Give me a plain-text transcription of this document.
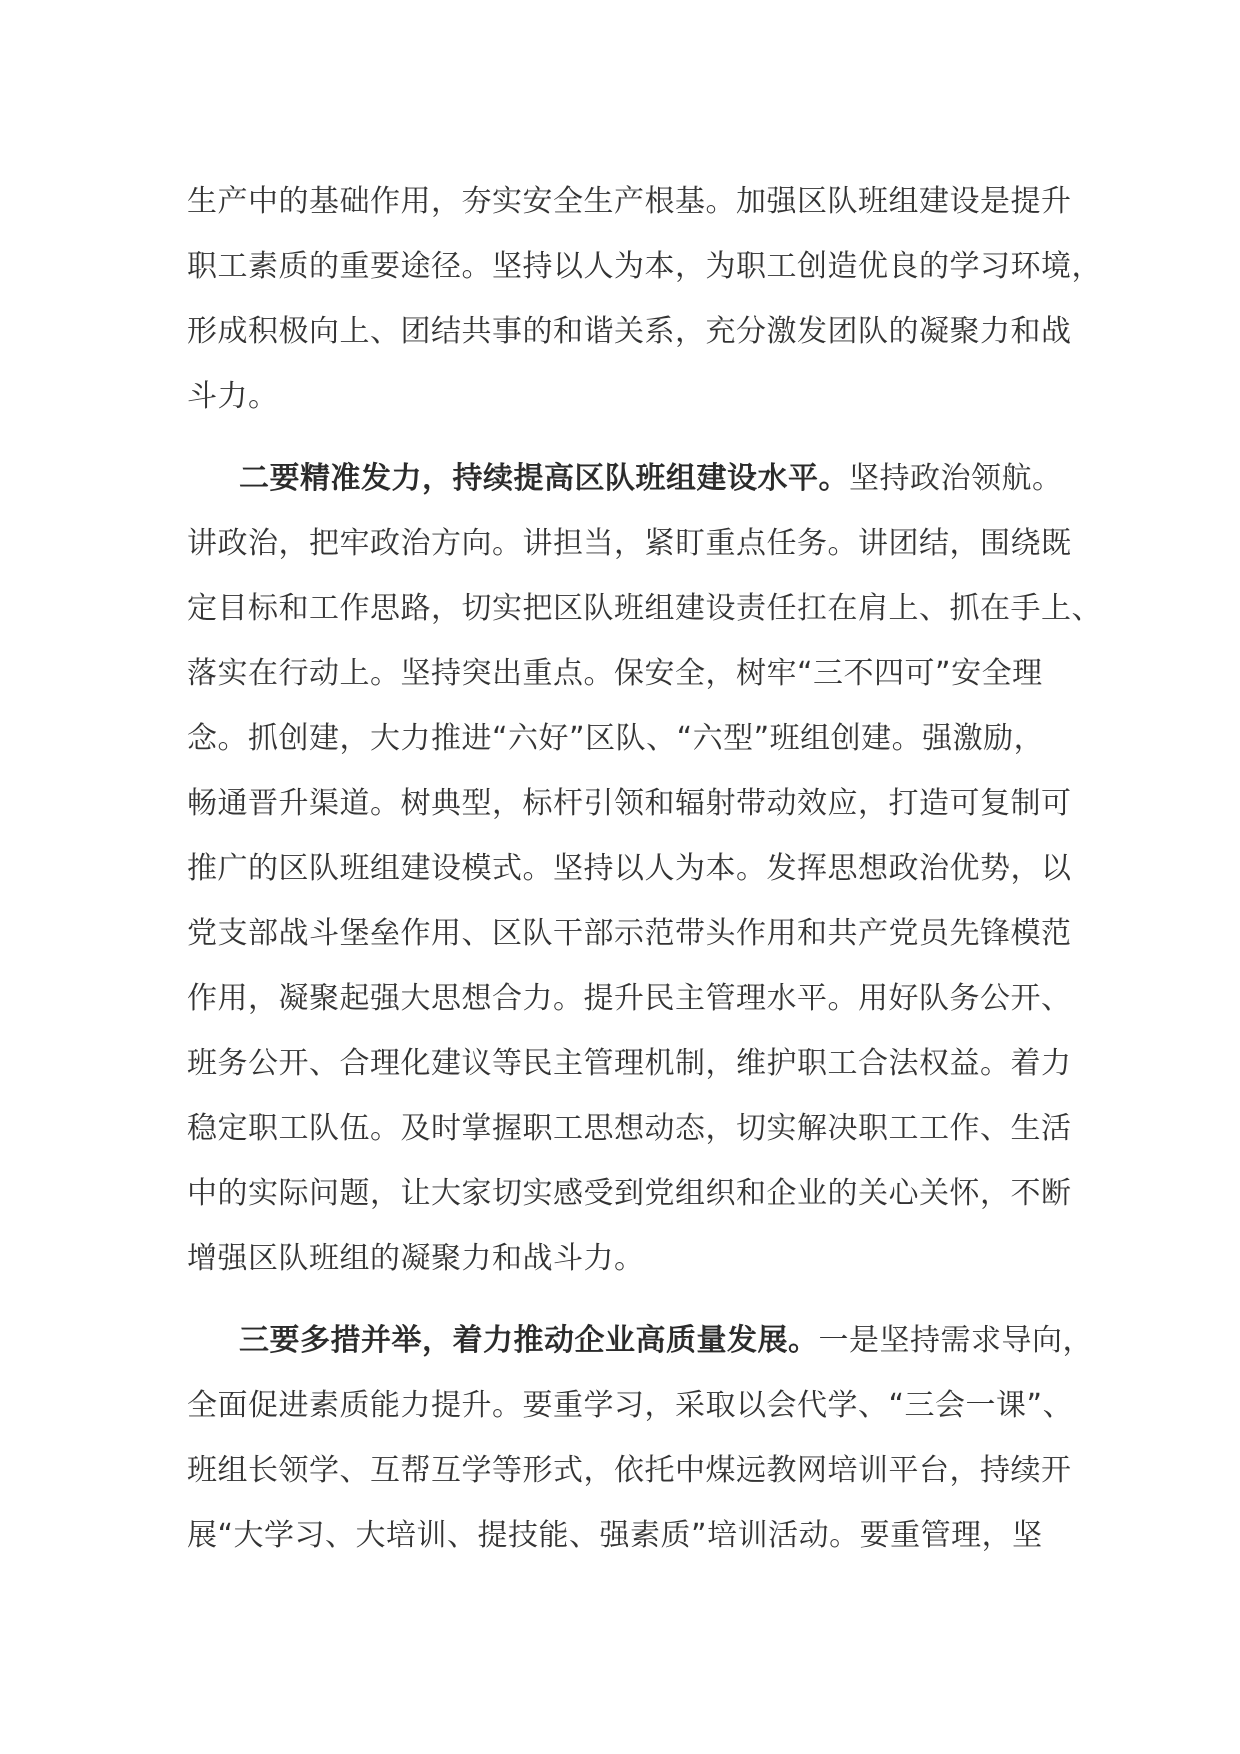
生产中的基础作用，夯实安全生产根基。加强区队班组建设是提升
职工素质的重要途径。坚持以人为本，为职工创造优良的学习环境，
形成积极向上、团结共事的和谐关系，充分激发团队的凝聚力和战
斗力。
二要精准发力，持续提高区队班组建设水平。坚持政治领航。
讲政治，把牢政治方向。讲担当，紧盯重点任务。讲团结，围绕既
定目标和工作思路，切实把区队班组建设责任扛在肩上、抓在手上、
落实在行动上。坚持突出重点。保安全，树牢“三不四可”安全理
念。抓创建，大力推进“六好”区队、“六型”班组创建。强激励，
畅通晋升渠道。树典型，标杆引领和辐射带动效应，打造可复制可
推广的区队班组建设模式。坚持以人为本。发挥思想政治优势，以
党支部战斗堡垒作用、区队干部示范带头作用和共产党员先锋模范
作用，凝聚起强大思想合力。提升民主管理水平。用好队务公开、
班务公开、合理化建议等民主管理机制，维护职工合法权益。着力
稳定职工队伍。及时掌握职工思想动态，切实解决职工工作、生活
中的实际问题，让大家切实感受到党组织和企业的关心关怀，不断
增强区队班组的凝聚力和战斗力。
三要多措并举，着力推动企业高质量发展。一是坚持需求导向，
全面促进素质能力提升。要重学习，采取以会代学、“三会一课”、
班组长领学、互帮互学等形式，依托中煤远教网培训平台，持续开
展“大学习、大培训、提技能、强素质”培训活动。要重管理，坚
